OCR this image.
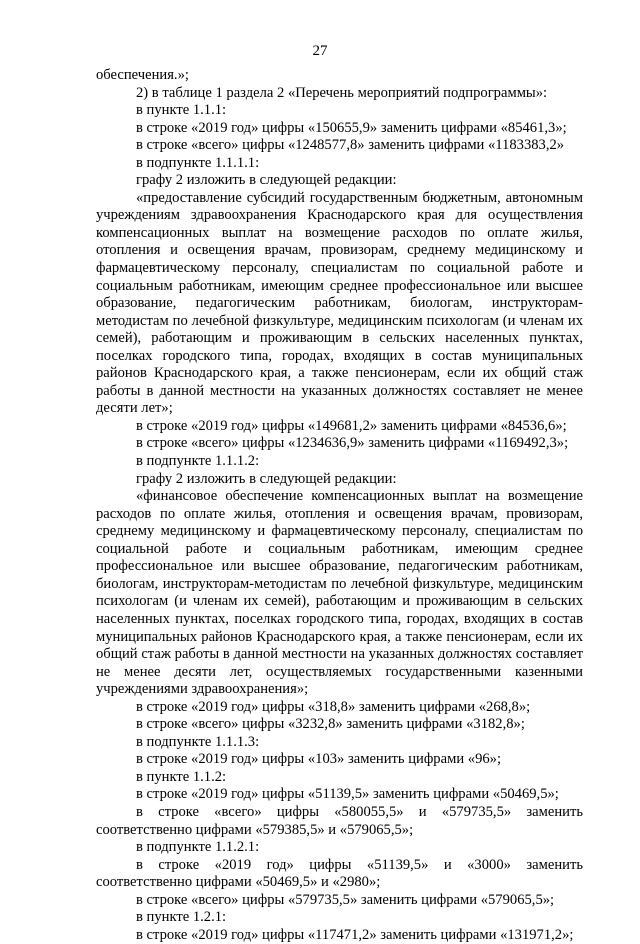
27

обеспечения.»;

2) в таблице 1 раздела 2 «Перечень мероприятий подпрограммы»:

в пункте 1.1.1:

в строке «2019 год» цифры «150655,9» заменить цифрами «85461,3»;

в строке «всего» цифры «1248577,8» заменить цифрами «1183383,2»

в подпункте 1.1.1.1:

графу 2 изложить в следующей редакции:

«предоставление субсидий государственным бюджетным, автономным учреждениям здравоохранения Краснодарского края для осуществления компенсационных выплат на возмещение расходов по оплате жилья, отопления и освещения врачам, провизорам, среднему медицинскому и фармацевтическому персоналу, специалистам по социальной работе и социальным работникам, имеющим среднее профессиональное или высшее образование, педагогическим работникам, биологам, инструкторам-методистам по лечебной физкультуре, медицинским психологам (и членам их семей), работающим и проживающим в сельских населенных пунктах, поселках городского типа, городах, входящих в состав муниципальных районов Краснодарского края, а также пенсионерам, если их общий стаж работы в данной местности на указанных должностях составляет не менее десяти лет»;

в строке «2019 год» цифры «149681,2» заменить цифрами «84536,6»;

в строке «всего» цифры «1234636,9» заменить цифрами «1169492,3»;

в подпункте 1.1.1.2:

графу 2 изложить в следующей редакции:

«финансовое обеспечение компенсационных выплат на возмещение расходов по оплате жилья, отопления и освещения врачам, провизорам, среднему медицинскому и фармацевтическому персоналу, специалистам по социальной работе и социальным работникам, имеющим среднее профессиональное или высшее образование, педагогическим работникам, биологам, инструкторам-методистам по лечебной физкультуре, медицинским психологам (и членам их семей), работающим и проживающим в сельских населенных пунктах, поселках городского типа, городах, входящих в состав муниципальных районов Краснодарского края, а также пенсионерам, если их общий стаж работы в данной местности на указанных должностях составляет не менее десяти лет, осуществляемых государственными казенными учреждениями здравоохранения»;

в строке «2019 год» цифры «318,8» заменить цифрами «268,8»;

в строке «всего» цифры «3232,8» заменить цифрами «3182,8»;

в подпункте 1.1.1.3:

в строке «2019 год» цифры «103» заменить цифрами «96»;

в пункте 1.1.2:

в строке «2019 год» цифры «51139,5» заменить цифрами «50469,5»;

в строке «всего» цифры «580055,5» и «579735,5» заменить соответственно цифрами «579385,5» и «579065,5»;

в подпункте 1.1.2.1:

в строке «2019 год» цифры «51139,5» и «3000» заменить соответственно цифрами «50469,5» и «2980»;

в строке «всего» цифры «579735,5» заменить цифрами «579065,5»;

в пункте 1.2.1:

в строке «2019 год» цифры «117471,2» заменить цифрами «131971,2»;
